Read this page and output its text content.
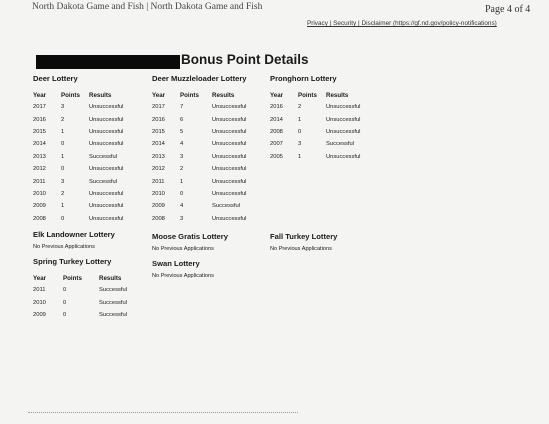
North Dakota Game and Fish | North Dakota Game and Fish	Page 4 of 4
Privacy | Security | Disclaimer (https://gf.nd.gov/policy-notifications)
Bonus Point Details
Deer Lottery
Year	Points	Results
2017	3	Unsuccessful
2016	2	Unsuccessful
2015	1	Unsuccessful
2014	0	Unsuccessful
2013	1	Successful
2012	0	Unsuccessful
2011	3	Successful
2010	2	Unsuccessful
2009	1	Unsuccessful
2008	0	Unsuccessful
Deer Muzzleloader Lottery
Year	Points	Results
2017	7	Unsuccessful
2016	6	Unsuccessful
2015	5	Unsuccessful
2014	4	Unsuccessful
2013	3	Unsuccessful
2012	2	Unsuccessful
2011	1	Unsuccessful
2010	0	Unsuccessful
2009	4	Successful
2008	3	Unsuccessful
Pronghorn Lottery
Year	Points	Results
2016	2	Unsuccessful
2014	1	Unsuccessful
2008	0	Unsuccessful
2007	3	Successful
2005	1	Unsuccessful
Elk Landowner Lottery
No Previous Applications
Moose Gratis Lottery
No Previous Applications
Fall Turkey Lottery
No Previous Applications
Spring Turkey Lottery
Year	Points	Results
2011	0	Successful
2010	0	Successful
2009	0	Successful
Swan Lottery
No Previous Applications
